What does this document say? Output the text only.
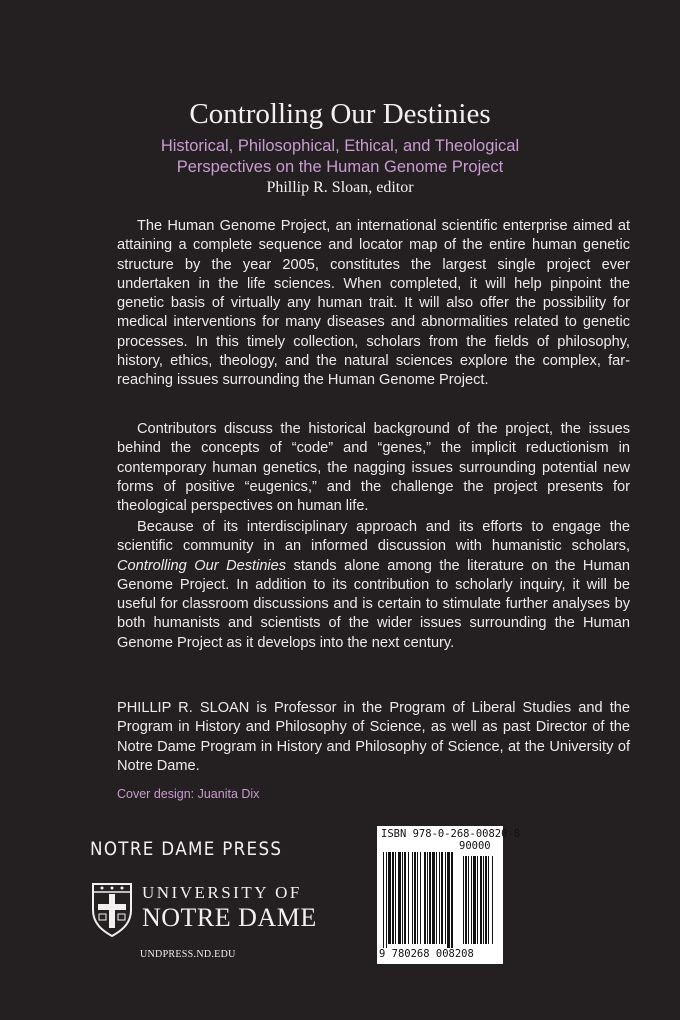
Controlling Our Destinies
Historical, Philosophical, Ethical, and Theological
Perspectives on the Human Genome Project
Phillip R. Sloan, editor

The Human Genome Project, an international scientific enterprise aimed at attaining a complete sequence and locator map of the entire human genetic structure by the year 2005, constitutes the largest single project ever undertaken in the life sciences. When completed, it will help pinpoint the genetic basis of virtually any human trait. It will also offer the possibility for medical interventions for many diseases and abnormalities related to genetic processes. In this timely collection, scholars from the fields of philosophy, history, ethics, theology, and the natural sciences explore the complex, far-reaching issues surrounding the Human Genome Project.

Contributors discuss the historical background of the project, the issues behind the concepts of “code” and “genes,” the implicit reductionism in contemporary human genetics, the nagging issues surrounding potential new forms of positive “eugenics,” and the challenge the project presents for theological perspectives on human life.

Because of its interdisciplinary approach and its efforts to engage the scientific community in an informed discussion with humanistic scholars, Controlling Our Destinies stands alone among the literature on the Human Genome Project. In addition to its contribution to scholarly inquiry, it will be useful for classroom discussions and is certain to stimulate further analyses by both humanists and scientists of the wider issues surrounding the Human Genome Project as it develops into the next century.

PHILLIP R. SLOAN is Professor in the Program of Liberal Studies and the Program in History and Philosophy of Science, as well as past Director of the Notre Dame Program in History and Philosophy of Science, at the University of Notre Dame.
Cover design: Juanita Dix
NOTRE DAME PRESS
UNIVERSITY OF
NOTRE DAME
UNDPRESS.ND.EDU
ISBN 978-0-268-00820-8
90000
9 780268 008208
